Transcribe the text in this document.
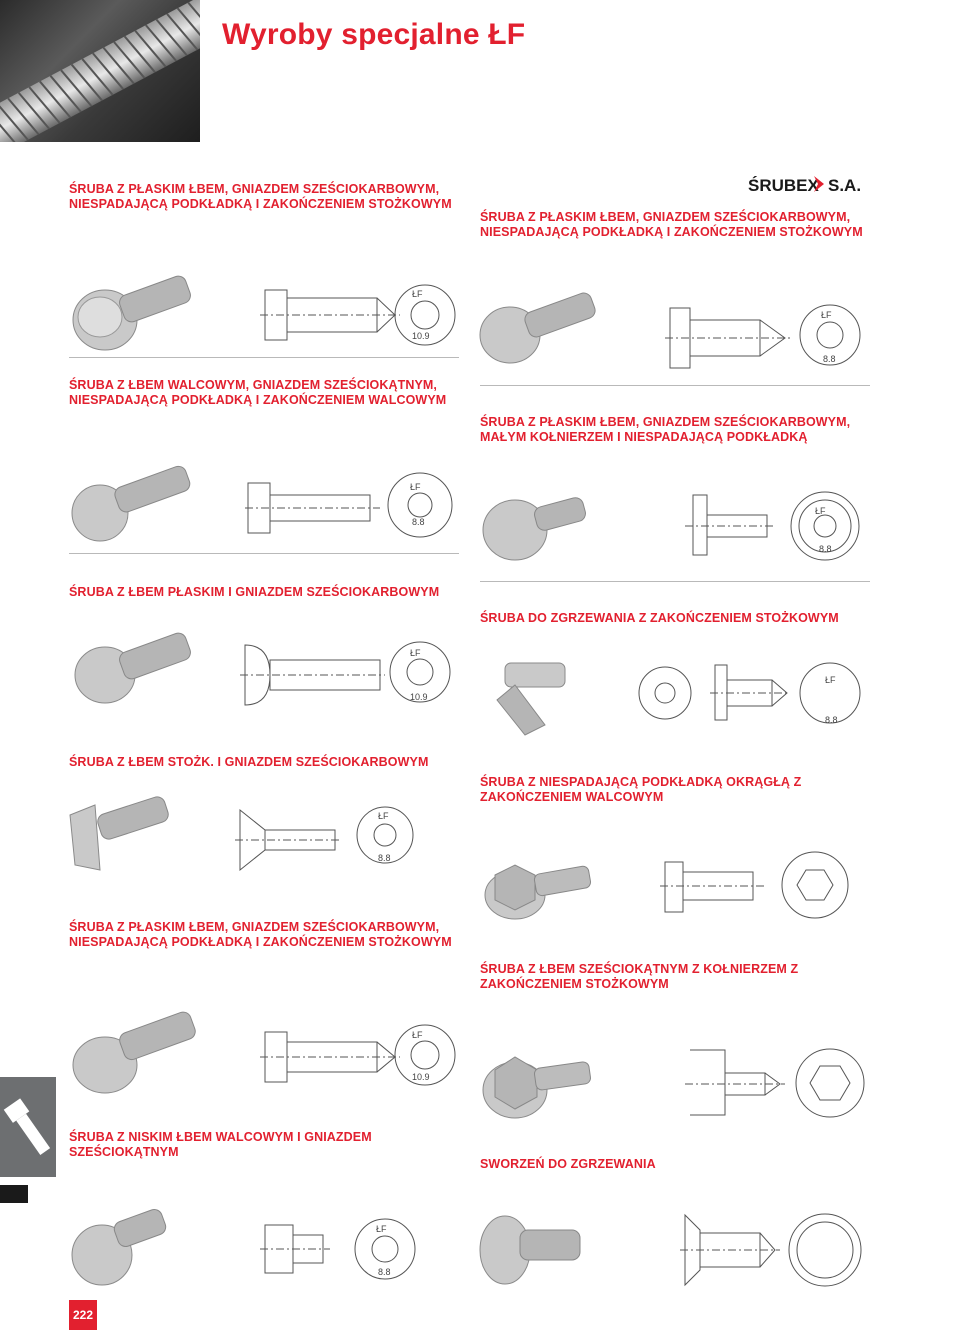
Wyroby specjalne ŁF
ŚRUBEX S.A.
ŚRUBA Z PŁASKIM ŁBEM, GNIAZDEM SZEŚCIOKARBOWYM, NIESPADAJĄCĄ PODKŁADKĄ I ZAKOŃCZENIEM STOŻKOWYM
ŚRUBA Z ŁBEM WALCOWYM, GNIAZDEM SZEŚCIOKĄTNYM, NIESPADAJĄCĄ PODKŁADKĄ I ZAKOŃCZENIEM WALCOWYM
ŚRUBA Z ŁBEM PŁASKIM I GNIAZDEM SZEŚCIOKARBOWYM
ŚRUBA Z ŁBEM STOŻK. I GNIAZDEM SZEŚCIOKARBOWYM
ŚRUBA Z PŁASKIM ŁBEM, GNIAZDEM SZEŚCIOKARBOWYM, NIESPADAJĄCĄ PODKŁADKĄ I ZAKOŃCZENIEM STOŻKOWYM
ŚRUBA Z NISKIM ŁBEM WALCOWYM I GNIAZDEM SZEŚCIOKĄTNYM
ŚRUBA Z PŁASKIM ŁBEM, GNIAZDEM SZEŚCIOKARBOWYM, NIESPADAJĄCĄ PODKŁADKĄ I ZAKOŃCZENIEM STOŻKOWYM
ŚRUBA Z PŁASKIM ŁBEM, GNIAZDEM SZEŚCIOKARBOWYM, MAŁYM KOŁNIERZEM I NIESPADAJĄCĄ PODKŁADKĄ
ŚRUBA DO ZGRZEWANIA Z ZAKOŃCZENIEM STOŻKOWYM
ŚRUBA Z NIESPADAJĄCĄ PODKŁADKĄ OKRĄGŁĄ Z ZAKOŃCZENIEM WALCOWYM
ŚRUBA Z ŁBEM SZEŚCIOKĄTNYM Z KOŁNIERZEM Z ZAKOŃCZENIEM STOŻKOWYM
SWORZEŃ DO ZGRZEWANIA
ŁF
10.9
ŁF
8.8
ŁF
8.8
ŁF
8.8
ŁF
10.9
ŁF
8.8
ŁF
8.8
ŁF
10.9
ŁF
8.8
222
